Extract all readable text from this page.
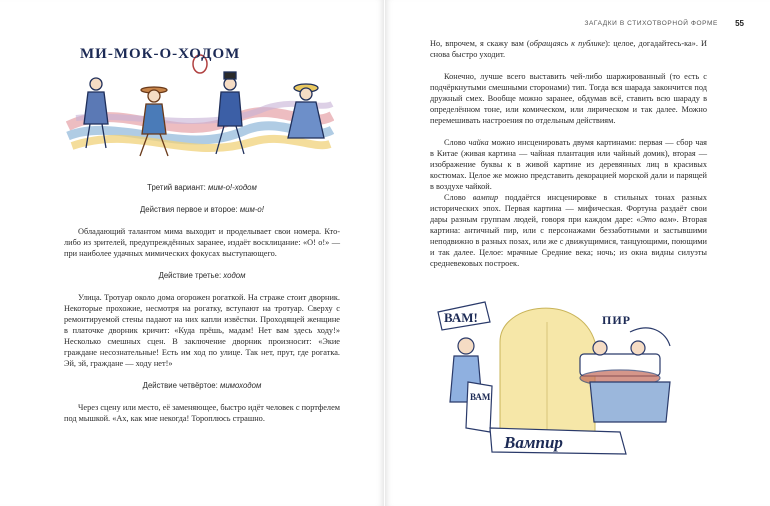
МИ-МОК-О-ХОДОМ

Третий вариант: мим-о!-ходом

Действия первое и второе: мим-о!

Обладающий талантом мима выходит и проделывает свои номера. Кто-либо из зрителей, предупреждённых заранее, издаёт восклицание: «О! о!» — при наиболее удачных мимических фокусах выступающего.

Действие третье: ходом

Улица. Тротуар около дома огорожен рогаткой. На страже стоит дворник. Некоторые прохожие, несмотря на рогатку, вступают на тротуар. Сверху с ремонтируемой стены падают на них капли извёстки. Проходящей женщине в платочке дворник кричит: «Куда прёшь, мадам! Нет вам здесь ходу!» Несколько смешных сцен. В заключение дворник произносит: «Экие граждане несознательные! Есть им ход по улице. Так нет, прут, где рогатка. Эй, эй, граждане — ходу нет!»

Действие четвёртое: мимоходом

Через сцену или место, её заменяющее, быстро идёт человек с портфелем под мышкой. «Ах, как мне некогда! Тороплюсь страшно.

ЗАГАДКИ В СТИХОТВОРНОЙ ФОРМЕ 55

Но, впрочем, я скажу вам (обращаясь к публике): целое, догадайтесь-ка». И снова быстро уходит.

Конечно, лучше всего выставить чей-либо шаржированный (то есть с подчёркнутыми смешными сторонами) тип. Тогда вся шарада закончится под дружный смех. Вообще можно заранее, обдумав всё, ставить всю шараду в определённом тоне, или комическом, или лирическом и так далее. Можно перемешивать настроения по отдельным действиям.

Слово чайка можно инсценировать двумя картинами: первая — сбор чая в Китае (живая картина — чайная плантация или чайный домик), вторая — изображение буквы к в живой картине из деревянных лиц в красивых костюмах. Целое же можно представить декорацией морской дали и парящей в воздухе чайкой.

Слово вампир поддаётся инсценировке в стильных тонах разных исторических эпох. Первая картина — мифическая. Фортуна раздаёт свои дары разным группам людей, говоря при каждом даре: «Это вам». Вторая картина: античный пир, или с персонажами беззаботными и застывшими неподвижно в разных позах, или же с движущимися, танцующими, поющими и так далее. Целое: мрачные Средние века; ночь; из окна видны силуэты средневековых построек.

ВАМ!
ВАМ
ПИР
Вампир
